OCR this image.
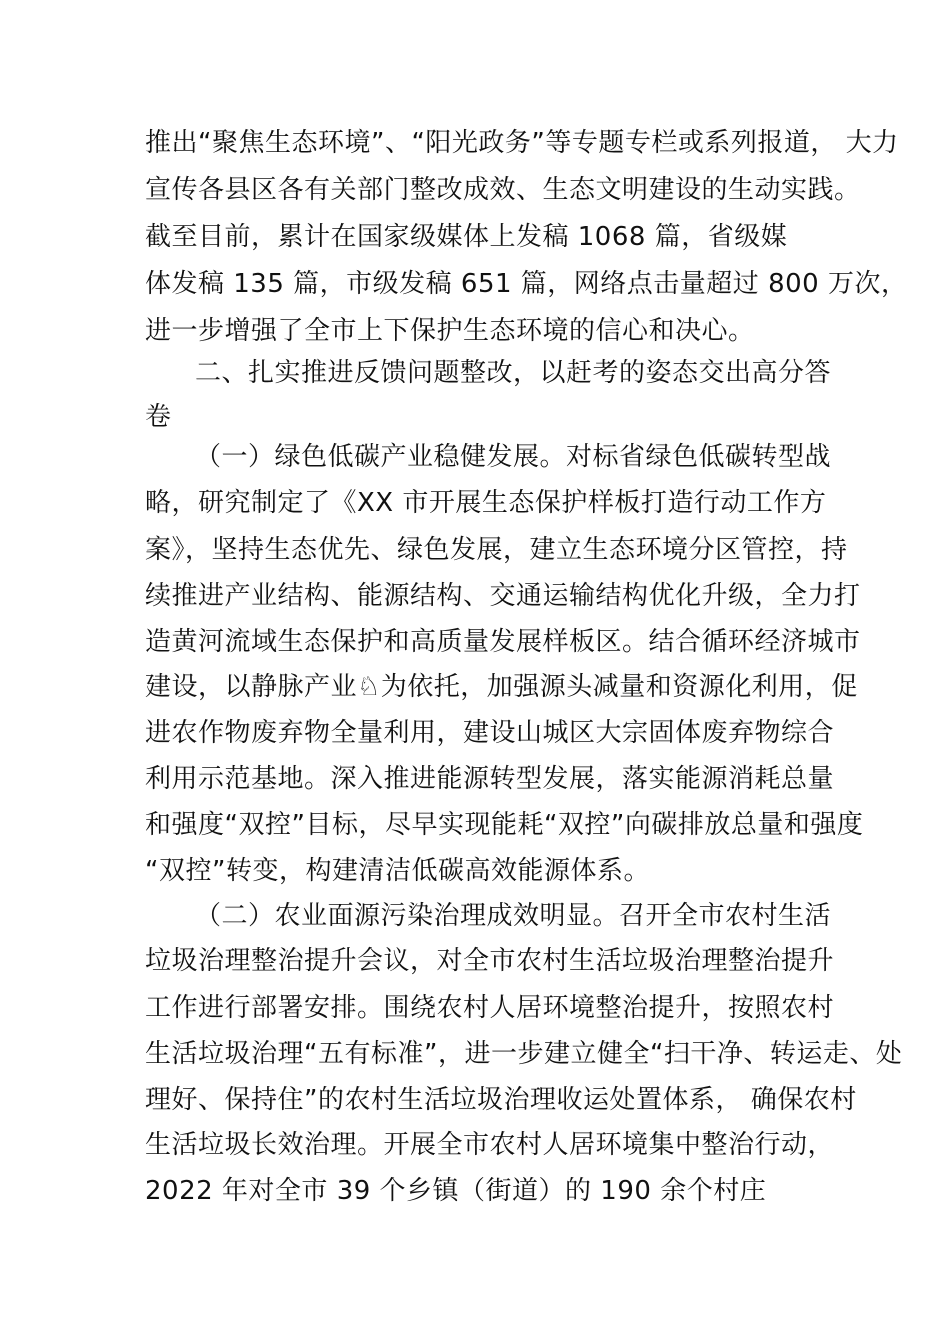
推出“聚焦生态环境”、“阳光政务”等专题专栏或系列报道， 大力
宣传各县区各有关部门整改成效、生态文明建设的生动实践。
截至目前，累计在国家级媒体上发稿 1068 篇，省级媒
体发稿 135 篇，市级发稿 651 篇，网络点击量超过 800 万次，
进一步增强了全市上下保护生态环境的信心和决心。
二、扎实推进反馈问题整改，以赶考的姿态交出高分答
卷
（一）绿色低碳产业稳健发展。对标省绿色低碳转型战
略，研究制定了《XX 市开展生态保护样板打造行动工作方
案》，坚持生态优先、绿色发展，建立生态环境分区管控，持
续推进产业结构、能源结构、交通运输结构优化升级，全力打
造黄河流域生态保护和高质量发展样板区。结合循环经济城市
建设，以静脉产业♘为依托，加强源头减量和资源化利用，促
进农作物废弃物全量利用，建设山城区大宗固体废弃物综合
利用示范基地。深入推进能源转型发展，落实能源消耗总量
和强度“双控”目标，尽早实现能耗“双控”向碳排放总量和强度
“双控”转变，构建清洁低碳高效能源体系。
（二）农业面源污染治理成效明显。召开全市农村生活
垃圾治理整治提升会议，对全市农村生活垃圾治理整治提升
工作进行部署安排。围绕农村人居环境整治提升，按照农村
生活垃圾治理“五有标准”，进一步建立健全“扫干净、转运走、处
理好、保持住”的农村生活垃圾治理收运处置体系， 确保农村
生活垃圾长效治理。开展全市农村人居环境集中整治行动，
2022 年对全市 39 个乡镇（街道）的 190 余个村庄
